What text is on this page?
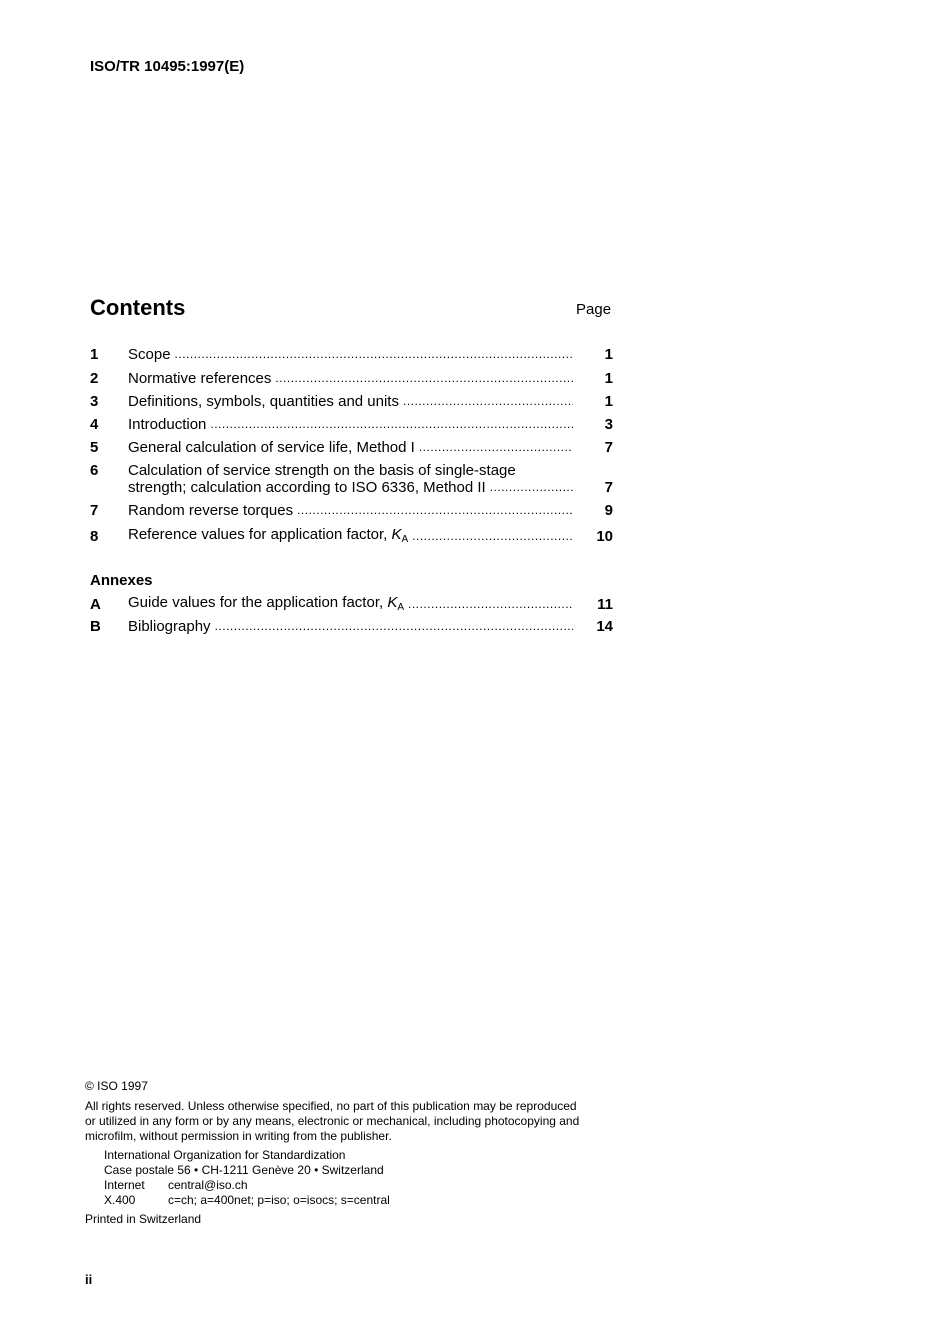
ISO/TR 10495:1997(E)
Contents	Page
1	Scope .....	1
2	Normative references .....	1
3	Definitions, symbols, quantities and units .....	1
4	Introduction .....	3
5	General calculation of service life, Method I .....	7
6	Calculation of service strength on the basis of single-stage
strength; calculation according to ISO 6336, Method II .....	7
7	Random reverse torques .....	9
8	Reference values for application factor, $K_A$ .....	10
Annexes
A	Guide values for the application factor, $K_A$ .....	11
B	Bibliography .....	14
© ISO 1997
All rights reserved. Unless otherwise specified, no part of this publication may be reproduced
or utilized in any form or by any means, electronic or mechanical, including photocopying and
microfilm, without permission in writing from the publisher.
International Organization for Standardization
Case postale 56 • CH-1211 Genève 20 • Switzerland
Internet central@iso.ch
X.400	c=ch; a=400net; p=iso; o=isocs; s=central
Printed in Switzerland
ii
